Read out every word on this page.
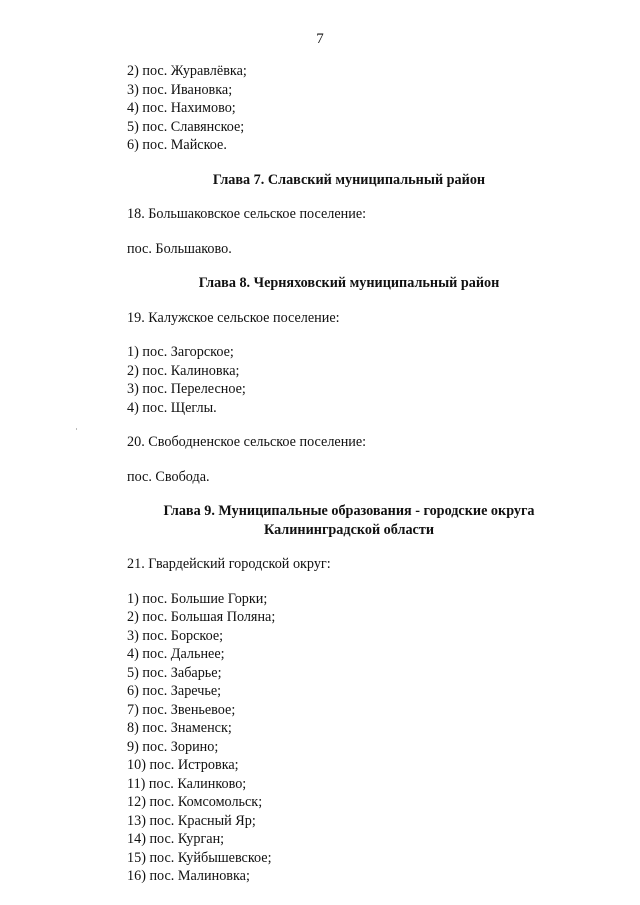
7
2) пос. Журавлёвка;
3) пос. Ивановка;
4) пос. Нахимово;
5) пос. Славянское;
6) пос. Майское.
Глава 7. Славский муниципальный район

18. Большаковское сельское поселение:

пос. Большаково.

Глава 8. Черняховский муниципальный район

19. Калужское сельское поселение:

1) пос. Загорское;
2) пос. Калиновка;
3) пос. Перелесное;
4) пос. Щеглы.

20. Свободненское сельское поселение:

пос. Свобода.

Глава 9. Муниципальные образования - городские округа
Калининградской области

21. Гвардейский городской округ:

1) пос. Большие Горки;
2) пос. Большая Поляна;
3) пос. Борское;
4) пос. Дальнее;
5) пос. Забарье;
6) пос. Заречье;
7) пос. Звеньевое;
8) пос. Знаменск;
9) пос. Зорино;
10) пос. Истровка;
11) пос. Калинково;
12) пос. Комсомольск;
13) пос. Красный Яр;
14) пос. Курган;
15) пос. Куйбышевское;
16) пос. Малиновка;
